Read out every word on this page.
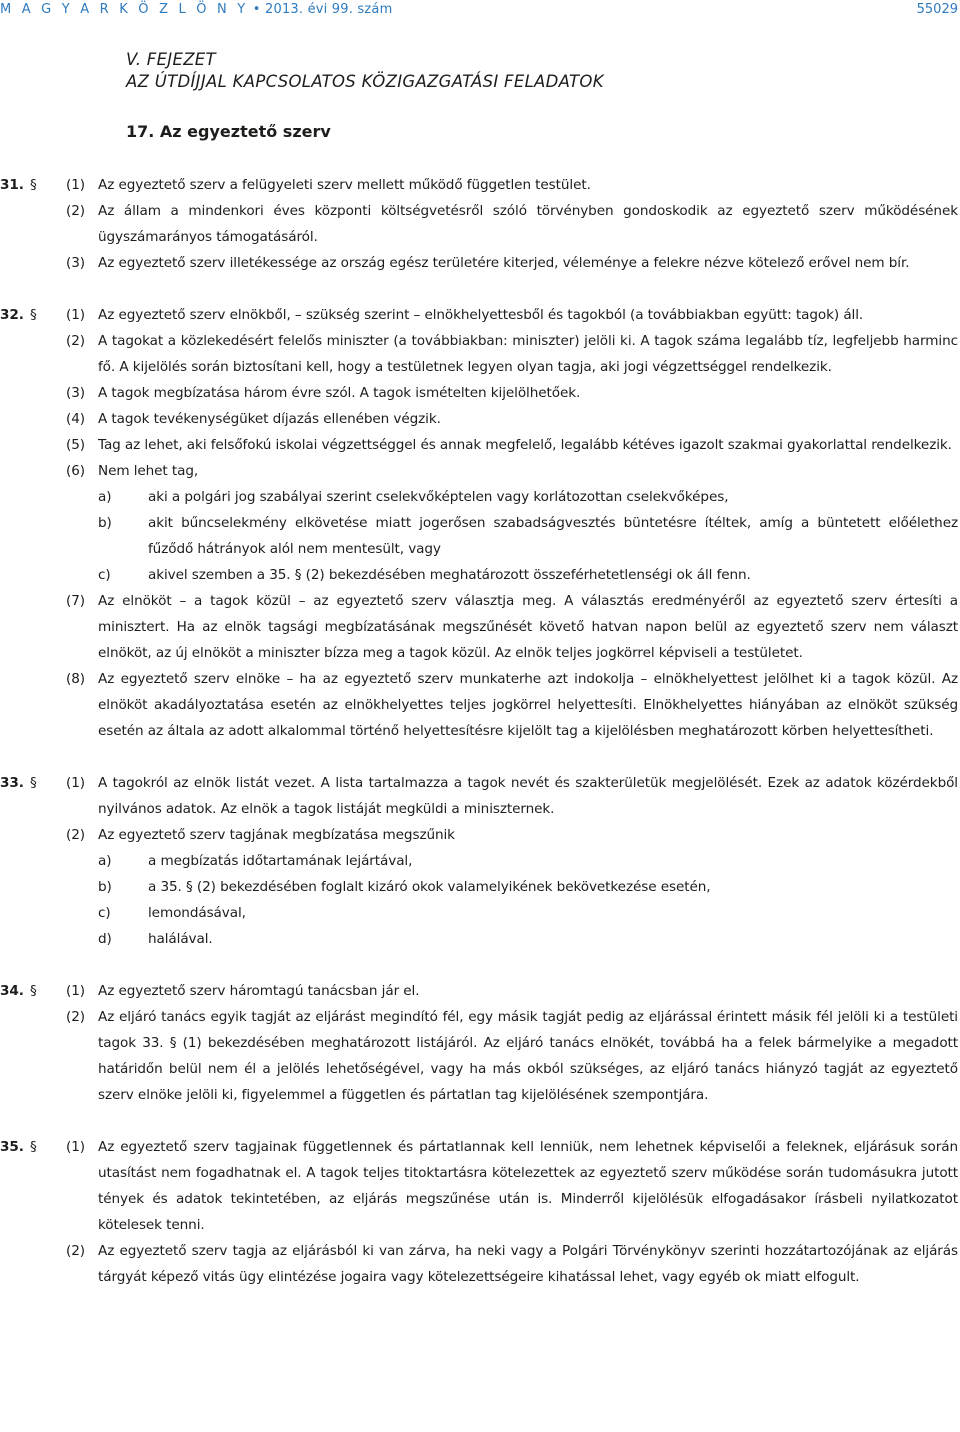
M A G Y A R K Ö Z L Ö N Y • 2013. évi 99. szám	55029
V. FEJEZET
AZ ÚTDÍJJAL KAPCSOLATOS KÖZIGAZGATÁSI FELADATOK
17. Az egyeztető szerv
31. § (1) Az egyeztető szerv a felügyeleti szerv mellett működő független testület.
(2) Az állam a mindenkori éves központi költségvetésről szóló törvényben gondoskodik az egyeztető szerv működésének ügyszámarányos támogatásáról.
(3) Az egyeztető szerv illetékessége az ország egész területére kiterjed, véleménye a felekre nézve kötelező erővel nem bír.
32. § (1) Az egyeztető szerv elnökből, – szükség szerint – elnökhelyettesből és tagokból (a továbbiakban együtt: tagok) áll.
(2) A tagokat a közlekedésért felelős miniszter (a továbbiakban: miniszter) jelöli ki. A tagok száma legalább tíz, legfeljebb harminc fő. A kijelölés során biztosítani kell, hogy a testületnek legyen olyan tagja, aki jogi végzettséggel rendelkezik.
(3) A tagok megbízatása három évre szól. A tagok ismételten kijelölhetőek.
(4) A tagok tevékenységüket díjazás ellenében végzik.
(5) Tag az lehet, aki felsőfokú iskolai végzettséggel és annak megfelelő, legalább kétéves igazolt szakmai gyakorlattal rendelkezik.
(6) Nem lehet tag,
a)	aki a polgári jog szabályai szerint cselekvőképtelen vagy korlátozottan cselekvőképes,
b)	akit bűncselekmény elkövetése miatt jogerősen szabadságvesztés büntetésre ítéltek, amíg a büntetett előélethez fűződő hátrányok alól nem mentesült, vagy
c)	akivel szemben a 35. § (2) bekezdésében meghatározott összeférhetetlenségi ok áll fenn.
(7) Az elnököt – a tagok közül – az egyeztető szerv választja meg. A választás eredményéről az egyeztető szerv értesíti a minisztert. Ha az elnök tagsági megbízatásának megszűnését követő hatvan napon belül az egyeztető szerv nem választ elnököt, az új elnököt a miniszter bízza meg a tagok közül. Az elnök teljes jogkörrel képviseli a testületet.
(8) Az egyeztető szerv elnöke – ha az egyeztető szerv munkaterhe azt indokolja – elnökhelyettest jelölhet ki a tagok közül. Az elnököt akadályoztatása esetén az elnökhelyettes teljes jogkörrel helyettesíti. Elnökhelyettes hiányában az elnököt szükség esetén az általa az adott alkalommal történő helyettesítésre kijelölt tag a kijelölésben meghatározott körben helyettesítheti.
33. § (1) A tagokról az elnök listát vezet. A lista tartalmazza a tagok nevét és szakterületük megjelölését. Ezek az adatok közérdekből nyilvános adatok. Az elnök a tagok listáját megküldi a miniszternek.
(2) Az egyeztető szerv tagjának megbízatása megszűnik
a)	a megbízatás időtartamának lejártával,
b)	a 35. § (2) bekezdésében foglalt kizáró okok valamelyikének bekövetkezése esetén,
c)	lemondásával,
d)	halálával.
34. § (1) Az egyeztető szerv háromtagú tanácsban jár el.
(2) Az eljáró tanács egyik tagját az eljárást megindító fél, egy másik tagját pedig az eljárással érintett másik fél jelöli ki a testületi tagok 33. § (1) bekezdésében meghatározott listájáról. Az eljáró tanács elnökét, továbbá ha a felek bármelyike a megadott határidőn belül nem él a jelölés lehetőségével, vagy ha más okból szükséges, az eljáró tanács hiányzó tagját az egyeztető szerv elnöke jelöli ki, figyelemmel a független és pártatlan tag kijelölésének szempontjára.
35. § (1) Az egyeztető szerv tagjainak függetlennek és pártatlannak kell lenniük, nem lehetnek képviselői a feleknek, eljárásuk során utasítást nem fogadhatnak el. A tagok teljes titoktartásra kötelezettek az egyeztető szerv működése során tudomásukra jutott tények és adatok tekintetében, az eljárás megszűnése után is. Minderről kijelölésük elfogadásakor írásbeli nyilatkozatot kötelesek tenni.
(2) Az egyeztető szerv tagja az eljárásból ki van zárva, ha neki vagy a Polgári Törvénykönyv szerinti hozzátartozójának az eljárás tárgyát képező vitás ügy elintézése jogaira vagy kötelezettségeire kihatással lehet, vagy egyéb ok miatt elfogult.
